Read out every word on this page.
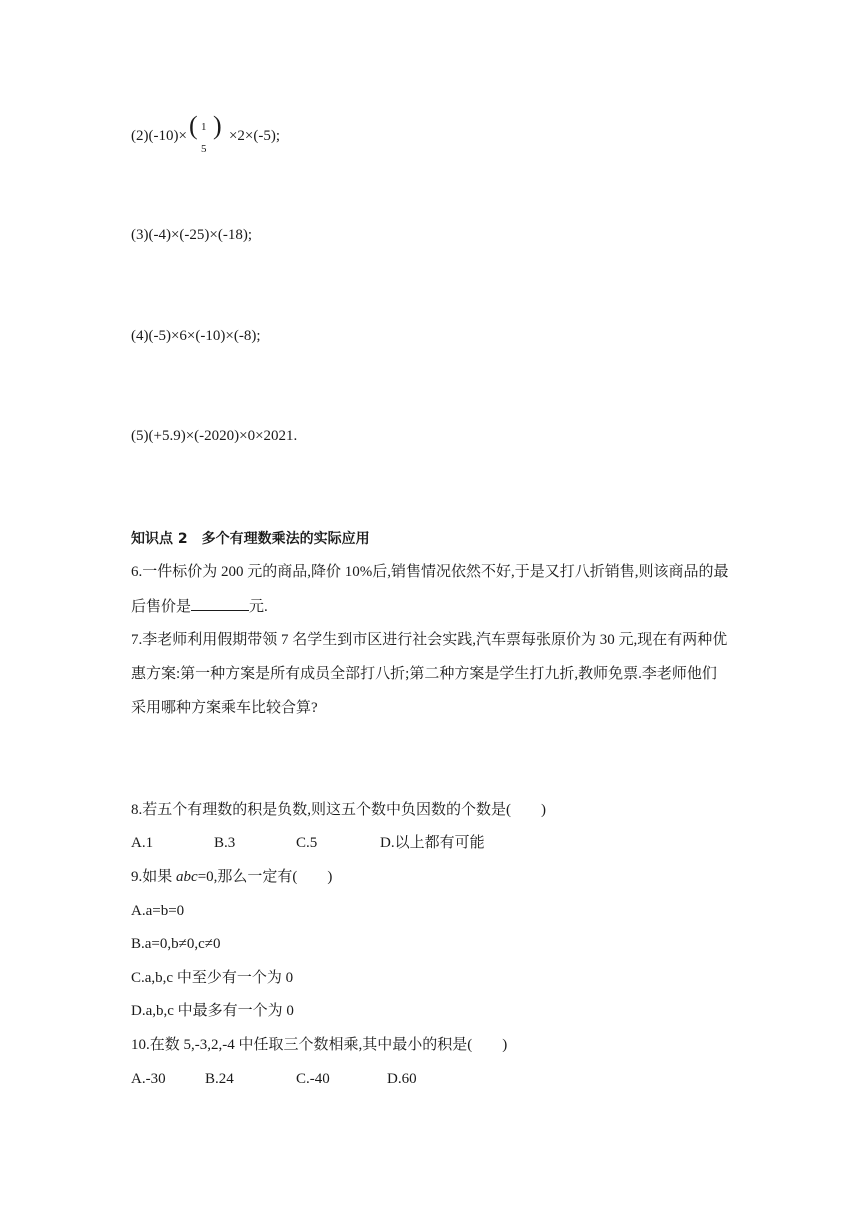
(2)(-10)× ( 1
5
) ×2×(-5);
(3)(-4)×(-25)×(-18);
(4)(-5)×6×(-10)×(-8);
(5)(+5.9)×(-2020)×0×2021.
知识点 2　多个有理数乘法的实际应用
6.一件标价为 200 元的商品,降价 10%后,销售情况依然不好,于是又打八折销售,则该商品的最
后售价是	元.
7.李老师利用假期带领 7 名学生到市区进行社会实践,汽车票每张原价为 30 元,现在有两种优
惠方案:第一种方案是所有成员全部打八折;第二种方案是学生打九折,教师免票.李老师他们
采用哪种方案乘车比较合算?
8.若五个有理数的积是负数,则这五个数中负因数的个数是(　　)
A.1	B.3	C.5	D.以上都有可能
9.如果 abc=0,那么一定有(　　)
A.a=b=0
B.a=0,b≠0,c≠0
C.a,b,c 中至少有一个为 0
D.a,b,c 中最多有一个为 0
10.在数 5,-3,2,-4 中任取三个数相乘,其中最小的积是(　　)
A.-30	B.24	C.-40	D.60
